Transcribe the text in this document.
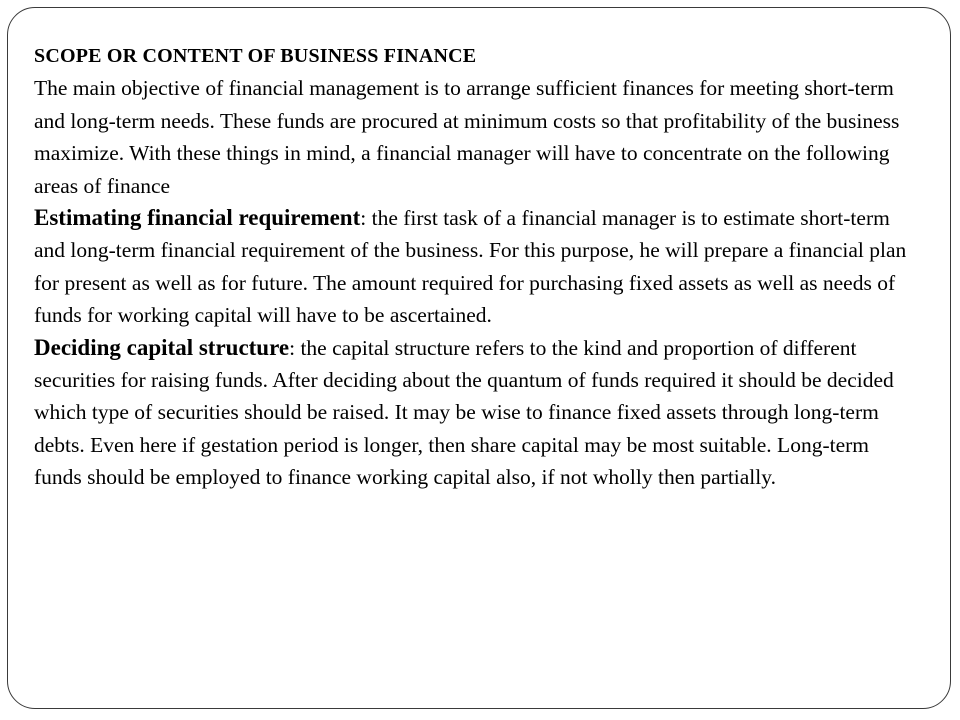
SCOPE OR CONTENT OF BUSINESS FINANCE

The main objective of financial management is to arrange sufficient finances for meeting short-term and long-term needs. These funds are procured at minimum costs so that profitability of the business maximize. With these things in mind, a financial manager will have to concentrate on the following areas of finance

Estimating financial requirement: the first task of a financial manager is to estimate short-term and long-term financial requirement of the business. For this purpose, he will prepare a financial plan for present as well as for future. The amount required for purchasing fixed assets as well as needs of funds for working capital will have to be ascertained.

Deciding capital structure: the capital structure refers to the kind and proportion of different securities for raising funds. After deciding about the quantum of funds required it should be decided which type of securities should be raised. It may be wise to finance fixed assets through long-term debts. Even here if gestation period is longer, then share capital may be most suitable. Long-term funds should be employed to finance working capital also, if not wholly then partially.
